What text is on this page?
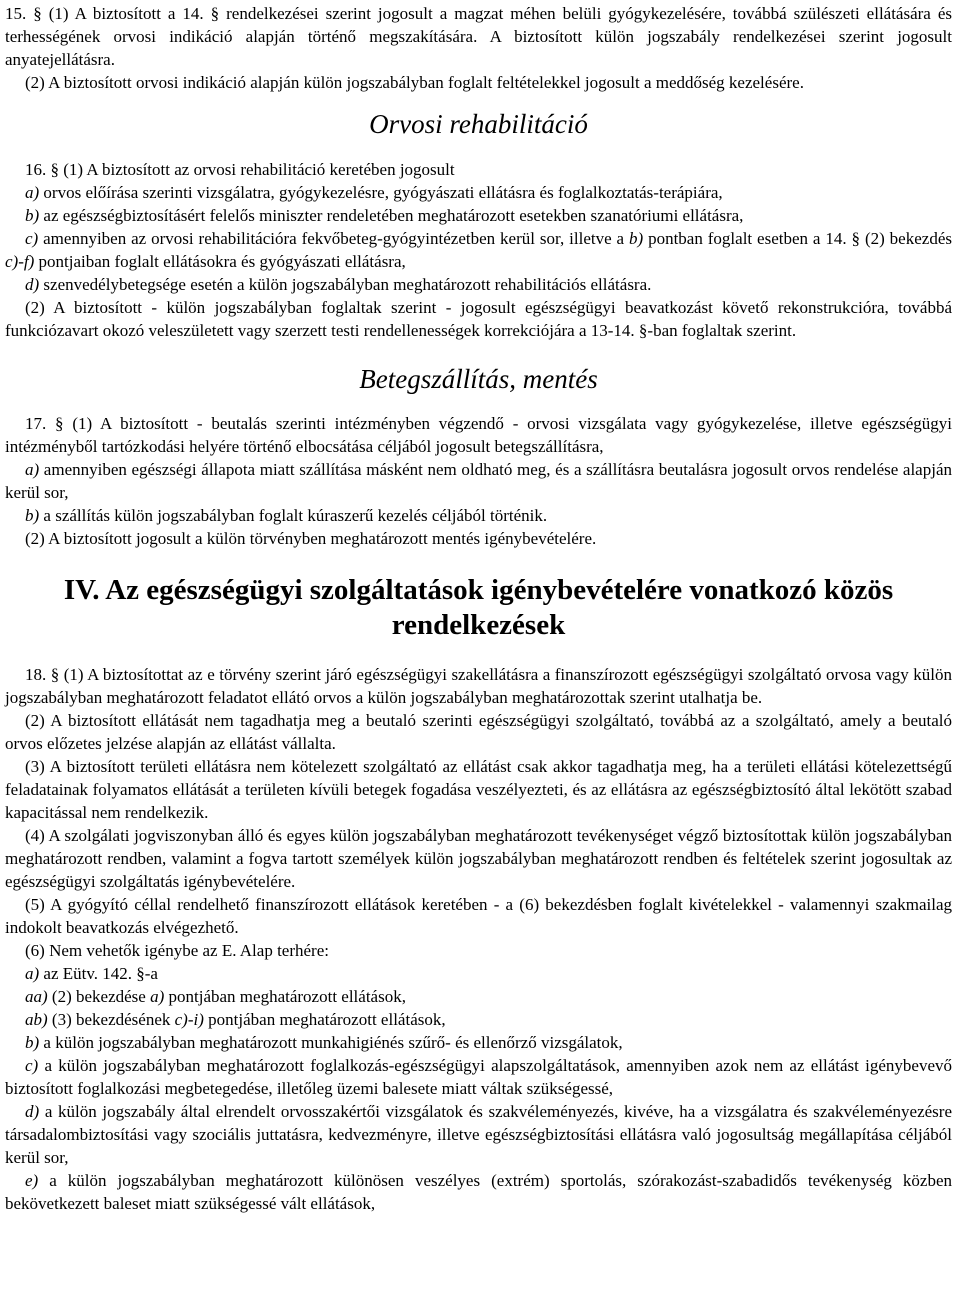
15. § (1) A biztosított a 14. § rendelkezései szerint jogosult a magzat méhen belüli gyógykezelésére, továbbá szülészeti ellátására és terhességének orvosi indikáció alapján történő megszakítására. A biztosított külön jogszabály rendelkezései szerint jogosult anyatejellátásra.

(2) A biztosított orvosi indikáció alapján külön jogszabályban foglalt feltételekkel jogosult a meddőség kezelésére.

Orvosi rehabilitáció

16. § (1) A biztosított az orvosi rehabilitáció keretében jogosult

a) orvos előírása szerinti vizsgálatra, gyógykezelésre, gyógyászati ellátásra és foglalkoztatás-terápiára,

b) az egészségbiztosításért felelős miniszter rendeletében meghatározott esetekben szanatóriumi ellátásra,

c) amennyiben az orvosi rehabilitációra fekvőbeteg-gyógyintézetben kerül sor, illetve a b) pontban foglalt esetben a 14. § (2) bekezdés c)-f) pontjaiban foglalt ellátásokra és gyógyászati ellátásra,

d) szenvedélybetegsége esetén a külön jogszabályban meghatározott rehabilitációs ellátásra.

(2) A biztosított - külön jogszabályban foglaltak szerint - jogosult egészségügyi beavatkozást követő rekonstrukcióra, továbbá funkciózavart okozó veleszületett vagy szerzett testi rendellenességek korrekciójára a 13-14. §-ban foglaltak szerint.

Betegszállítás, mentés

17. § (1) A biztosított - beutalás szerinti intézményben végzendő - orvosi vizsgálata vagy gyógykezelése, illetve egészségügyi intézményből tartózkodási helyére történő elbocsátása céljából jogosult betegszállításra,

a) amennyiben egészségi állapota miatt szállítása másként nem oldható meg, és a szállításra beutalásra jogosult orvos rendelése alapján kerül sor,

b) a szállítás külön jogszabályban foglalt kúraszerű kezelés céljából történik.

(2) A biztosított jogosult a külön törvényben meghatározott mentés igénybevételére.

IV. Az egészségügyi szolgáltatások igénybevételére vonatkozó közös
rendelkezések

18. § (1) A biztosítottat az e törvény szerint járó egészségügyi szakellátásra a finanszírozott egészségügyi szolgáltató orvosa vagy külön jogszabályban meghatározott feladatot ellátó orvos a külön jogszabályban meghatározottak szerint utalhatja be.

(2) A biztosított ellátását nem tagadhatja meg a beutaló szerinti egészségügyi szolgáltató, továbbá az a szolgáltató, amely a beutaló orvos előzetes jelzése alapján az ellátást vállalta.

(3) A biztosított területi ellátásra nem kötelezett szolgáltató az ellátást csak akkor tagadhatja meg, ha a területi ellátási kötelezettségű feladatainak folyamatos ellátását a területen kívüli betegek fogadása veszélyezteti, és az ellátásra az egészségbiztosító által lekötött szabad kapacitással nem rendelkezik.

(4) A szolgálati jogviszonyban álló és egyes külön jogszabályban meghatározott tevékenységet végző biztosítottak külön jogszabályban meghatározott rendben, valamint a fogva tartott személyek külön jogszabályban meghatározott rendben és feltételek szerint jogosultak az egészségügyi szolgáltatás igénybevételére.

(5) A gyógyító céllal rendelhető finanszírozott ellátások keretében - a (6) bekezdésben foglalt kivételekkel - valamennyi szakmailag indokolt beavatkozás elvégezhető.

(6) Nem vehetők igénybe az E. Alap terhére:

a) az Eütv. 142. §-a

aa) (2) bekezdése a) pontjában meghatározott ellátások,

ab) (3) bekezdésének c)-i) pontjában meghatározott ellátások,

b) a külön jogszabályban meghatározott munkahigiénés szűrő- és ellenőrző vizsgálatok,

c) a külön jogszabályban meghatározott foglalkozás-egészségügyi alapszolgáltatások, amennyiben azok nem az ellátást igénybevevő biztosított foglalkozási megbetegedése, illetőleg üzemi balesete miatt váltak szükségessé,

d) a külön jogszabály által elrendelt orvosszakértői vizsgálatok és szakvéleményezés, kivéve, ha a vizsgálatra és szakvéleményezésre társadalombiztosítási vagy szociális juttatásra, kedvezményre, illetve egészségbiztosítási ellátásra való jogosultság megállapítása céljából kerül sor,

e) a külön jogszabályban meghatározott különösen veszélyes (extrém) sportolás, szórakozást-szabadidős tevékenység közben bekövetkezett baleset miatt szükségessé vált ellátások,
